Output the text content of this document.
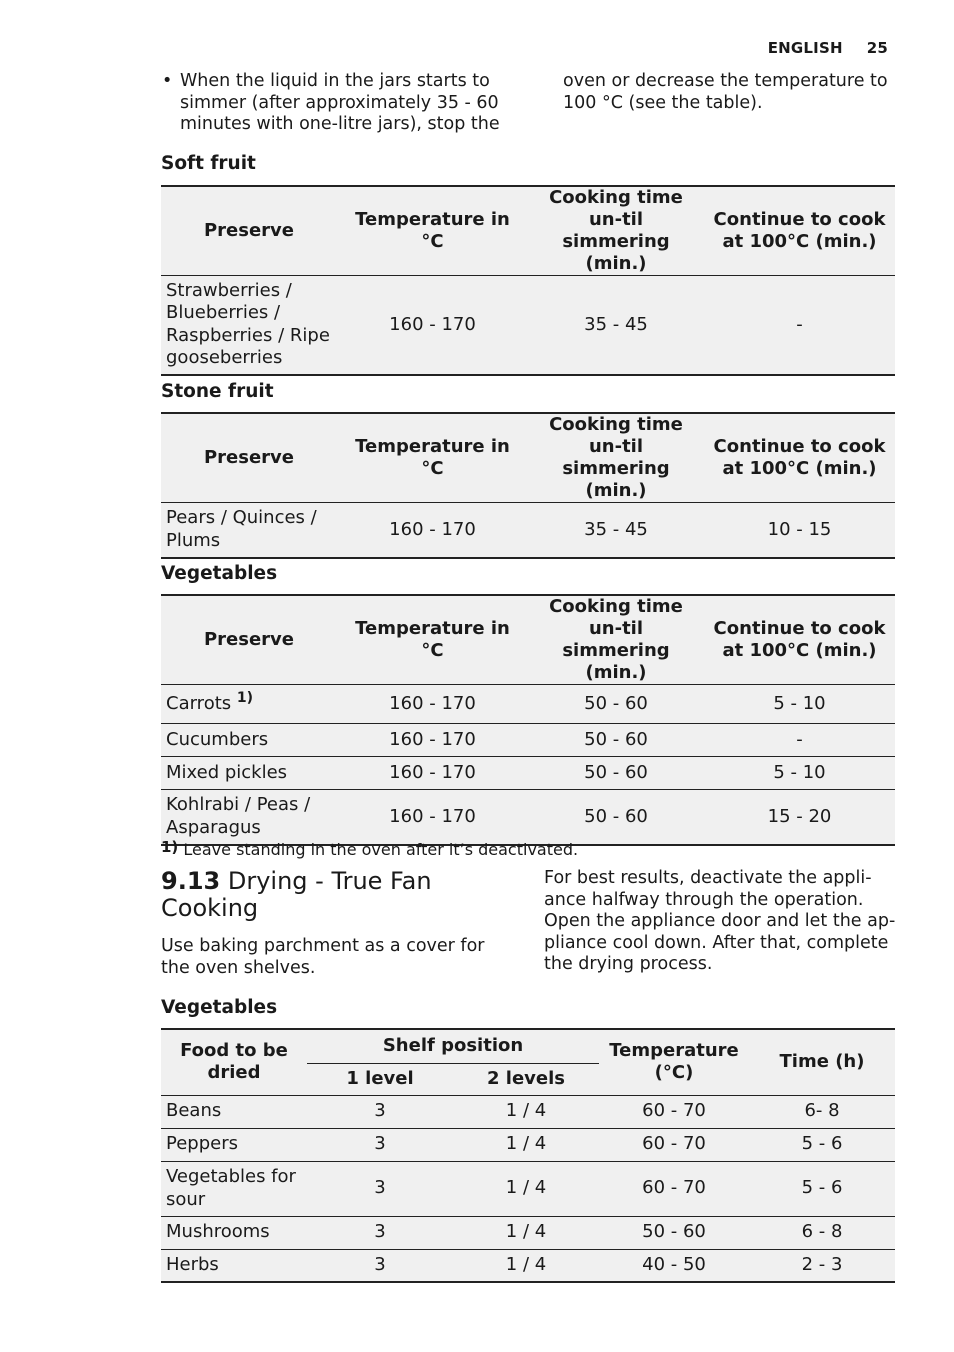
ENGLISH 25
• When the liquid in the jars starts to simmer (after approximately 35 - 60 minutes with one-litre jars), stop the
oven or decrease the temperature to 100 °C (see the table).
Soft fruit
Preserve	Temperature in °C	Cooking time un-til simmering (min.)	Continue to cook at 100°C (min.)
Strawberries / Blueberries / Raspberries / Ripe gooseberries	160 - 170	35 - 45	-
Stone fruit
Preserve	Temperature in °C	Cooking time un-til simmering (min.)	Continue to cook at 100°C (min.)
Pears / Quinces / Plums	160 - 170	35 - 45	10 - 15
Vegetables
Preserve	Temperature in °C	Cooking time un-til simmering (min.)	Continue to cook at 100°C (min.)
Carrots $^{1)}$	160 - 170	50 - 60	5 - 10
Cucumbers	160 - 170	50 - 60	-
Mixed pickles	160 - 170	50 - 60	5 - 10
Kohlrabi / Peas / Asparagus	160 - 170	50 - 60	15 - 20
1) Leave standing in the oven after it’s deactivated.
9.13 Drying - True Fan Cooking
Use baking parchment as a cover for the oven shelves.
For best results, deactivate the appli-ance halfway through the operation. Open the appliance door and let the ap-pliance cool down. After that, complete the drying process.
Vegetables
Food to be dried	Shelf position		Temperature (°C)	Time (h)
	1 level	2 levels		
Beans	3	1 / 4	60 - 70	6- 8
Peppers	3	1 / 4	60 - 70	5 - 6
Vegetables for sour	3	1 / 4	60 - 70	5 - 6
Mushrooms	3	1 / 4	50 - 60	6 - 8
Herbs	3	1 / 4	40 - 50	2 - 3
